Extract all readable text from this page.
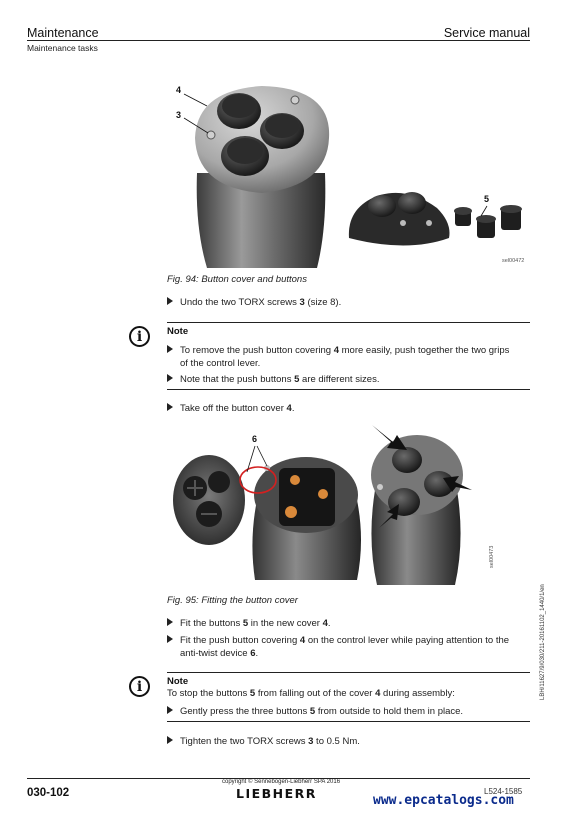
Maintenance	Service manual
Maintenance tasks
4
3
5
sel00472
Fig. 94: Button cover and buttons
Undo the two TORX screws 3 (size 8).
i	Note
To remove the push button covering 4 more easily, push together the two grips
of the control lever.
Note that the push buttons 5 are different sizes.
Take off the button cover 4.
6
sel00473
Fig. 95: Fitting the button cover
Fit the buttons 5 in the new cover 4.
Fit the push button covering 4 on the control lever while paying attention to the
anti-twist device 6.
i	Note
To stop the buttons 5 from falling out of the cover 4 during assembly:
Gently press the three buttons 5 from outside to hold them in place.
Tighten the two TORX screws 3 to 0.5 Nm.
LBH/11627/9/030/211-20161102_1440/1/en
030-102
copyright © Sennebogen-Liebherr SPA 2016
LIEBHERR	L524-1585
www.epcatalogs.com
